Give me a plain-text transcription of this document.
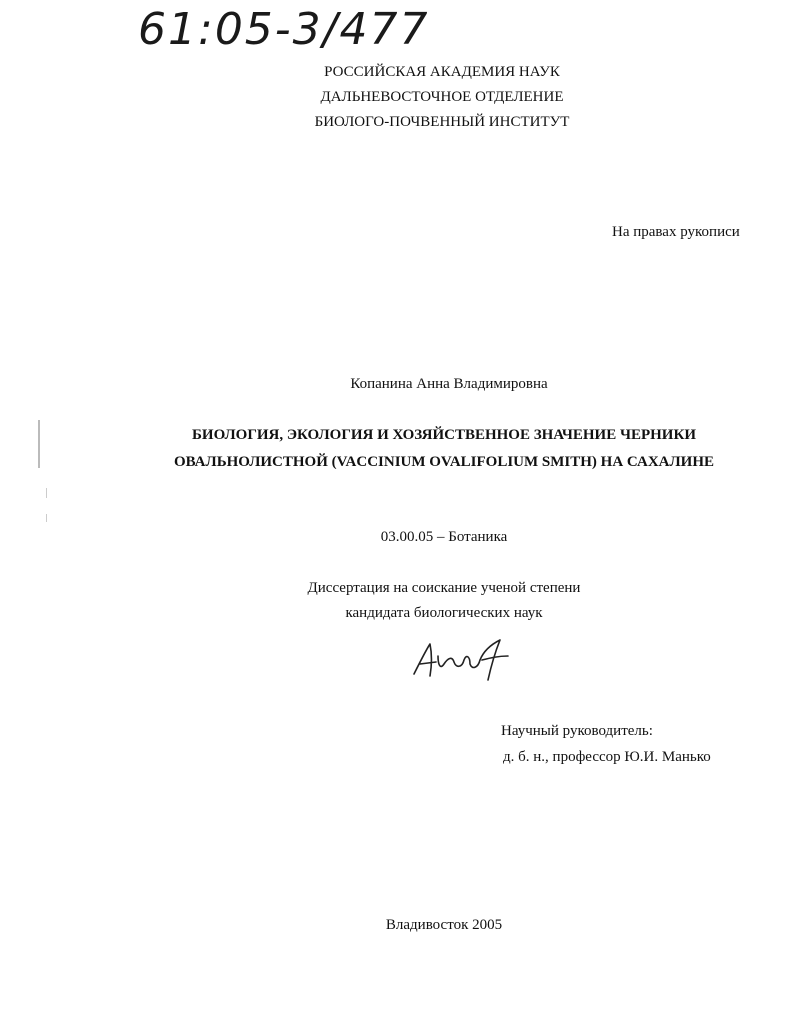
61:05-3/477
РОССИЙСКАЯ АКАДЕМИЯ НАУК
ДАЛЬНЕВОСТОЧНОЕ ОТДЕЛЕНИЕ
БИОЛОГО-ПОЧВЕННЫЙ ИНСТИТУТ
На правах рукописи
Копанина Анна Владимировна
БИОЛОГИЯ, ЭКОЛОГИЯ И ХОЗЯЙСТВЕННОЕ ЗНАЧЕНИЕ ЧЕРНИКИ
ОВАЛЬНОЛИСТНОЙ (VACCINIUM OVALIFOLIUM SMITH) НА САХАЛИНЕ
03.00.05 – Ботаника
Диссертация на соискание ученой степени
кандидата биологических наук
Научный руководитель:
д. б. н., профессор Ю.И. Манько
Владивосток 2005
